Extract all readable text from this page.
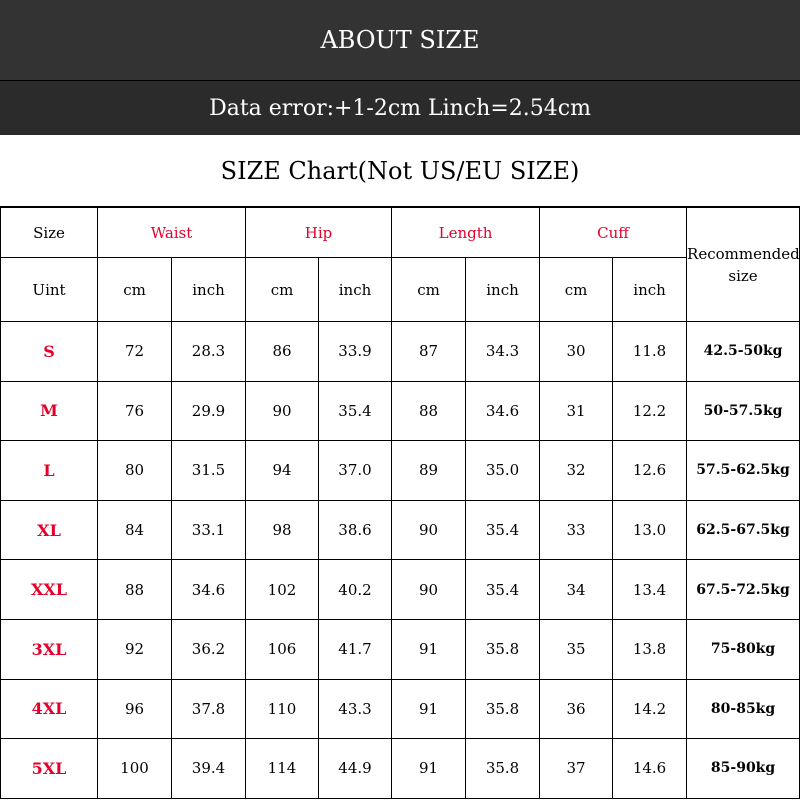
ABOUT SIZE
Data error:+1-2cm Linch=2.54cm
SIZE Chart(Not US/EU SIZE)
Size	Waist		Hip		Length		Cuff		Recommended size
Uint	cm	inch	cm	inch	cm	inch	cm	inch	
S	72	28.3	86	33.9	87	34.3	30	11.8	42.5-50kg
M	76	29.9	90	35.4	88	34.6	31	12.2	50-57.5kg
L	80	31.5	94	37.0	89	35.0	32	12.6	57.5-62.5kg
XL	84	33.1	98	38.6	90	35.4	33	13.0	62.5-67.5kg
XXL	88	34.6	102	40.2	90	35.4	34	13.4	67.5-72.5kg
3XL	92	36.2	106	41.7	91	35.8	35	13.8	75-80kg
4XL	96	37.8	110	43.3	91	35.8	36	14.2	80-85kg
5XL	100	39.4	114	44.9	91	35.8	37	14.6	85-90kg
